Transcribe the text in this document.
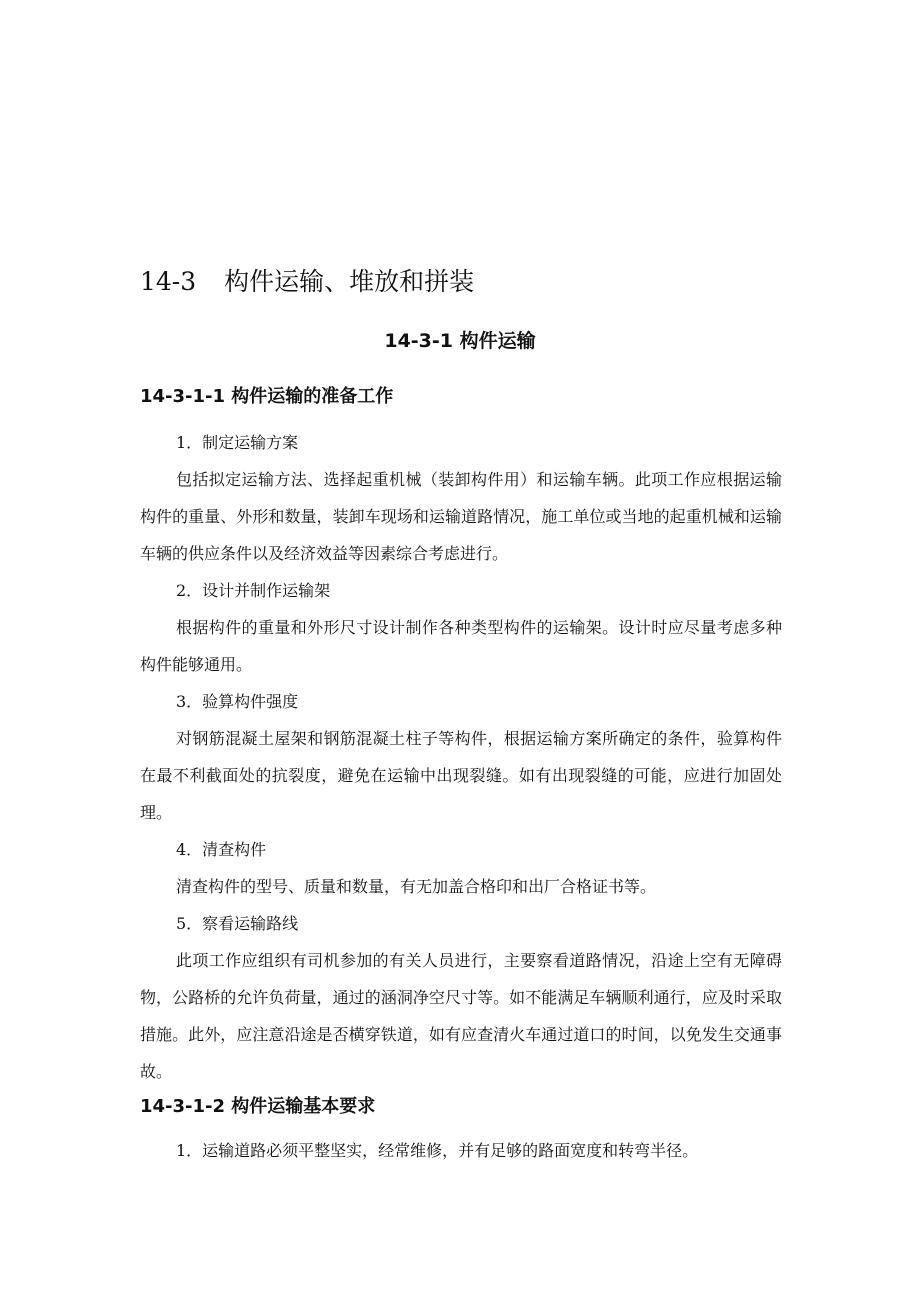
14-3 构件运输、堆放和拼装
14-3-1 构件运输
14-3-1-1 构件运输的准备工作

1．制定运输方案

包括拟定运输方法、选择起重机械（装卸构件用）和运输车辆。此项工作应根据运输构件的重量、外形和数量，装卸车现场和运输道路情况，施工单位或当地的起重机械和运输车辆的供应条件以及经济效益等因素综合考虑进行。

2．设计并制作运输架

根据构件的重量和外形尺寸设计制作各种类型构件的运输架。设计时应尽量考虑多种构件能够通用。

3．验算构件强度

对钢筋混凝土屋架和钢筋混凝土柱子等构件，根据运输方案所确定的条件，验算构件在最不利截面处的抗裂度，避免在运输中出现裂缝。如有出现裂缝的可能，应进行加固处理。

4．清查构件

清查构件的型号、质量和数量，有无加盖合格印和出厂合格证书等。

5．察看运输路线

此项工作应组织有司机参加的有关人员进行，主要察看道路情况，沿途上空有无障碍物，公路桥的允许负荷量，通过的涵洞净空尺寸等。如不能满足车辆顺利通行，应及时采取措施。此外，应注意沿途是否横穿铁道，如有应查清火车通过道口的时间，以免发生交通事故。

14-3-1-2 构件运输基本要求

1．运输道路必须平整坚实，经常维修，并有足够的路面宽度和转弯半径。
